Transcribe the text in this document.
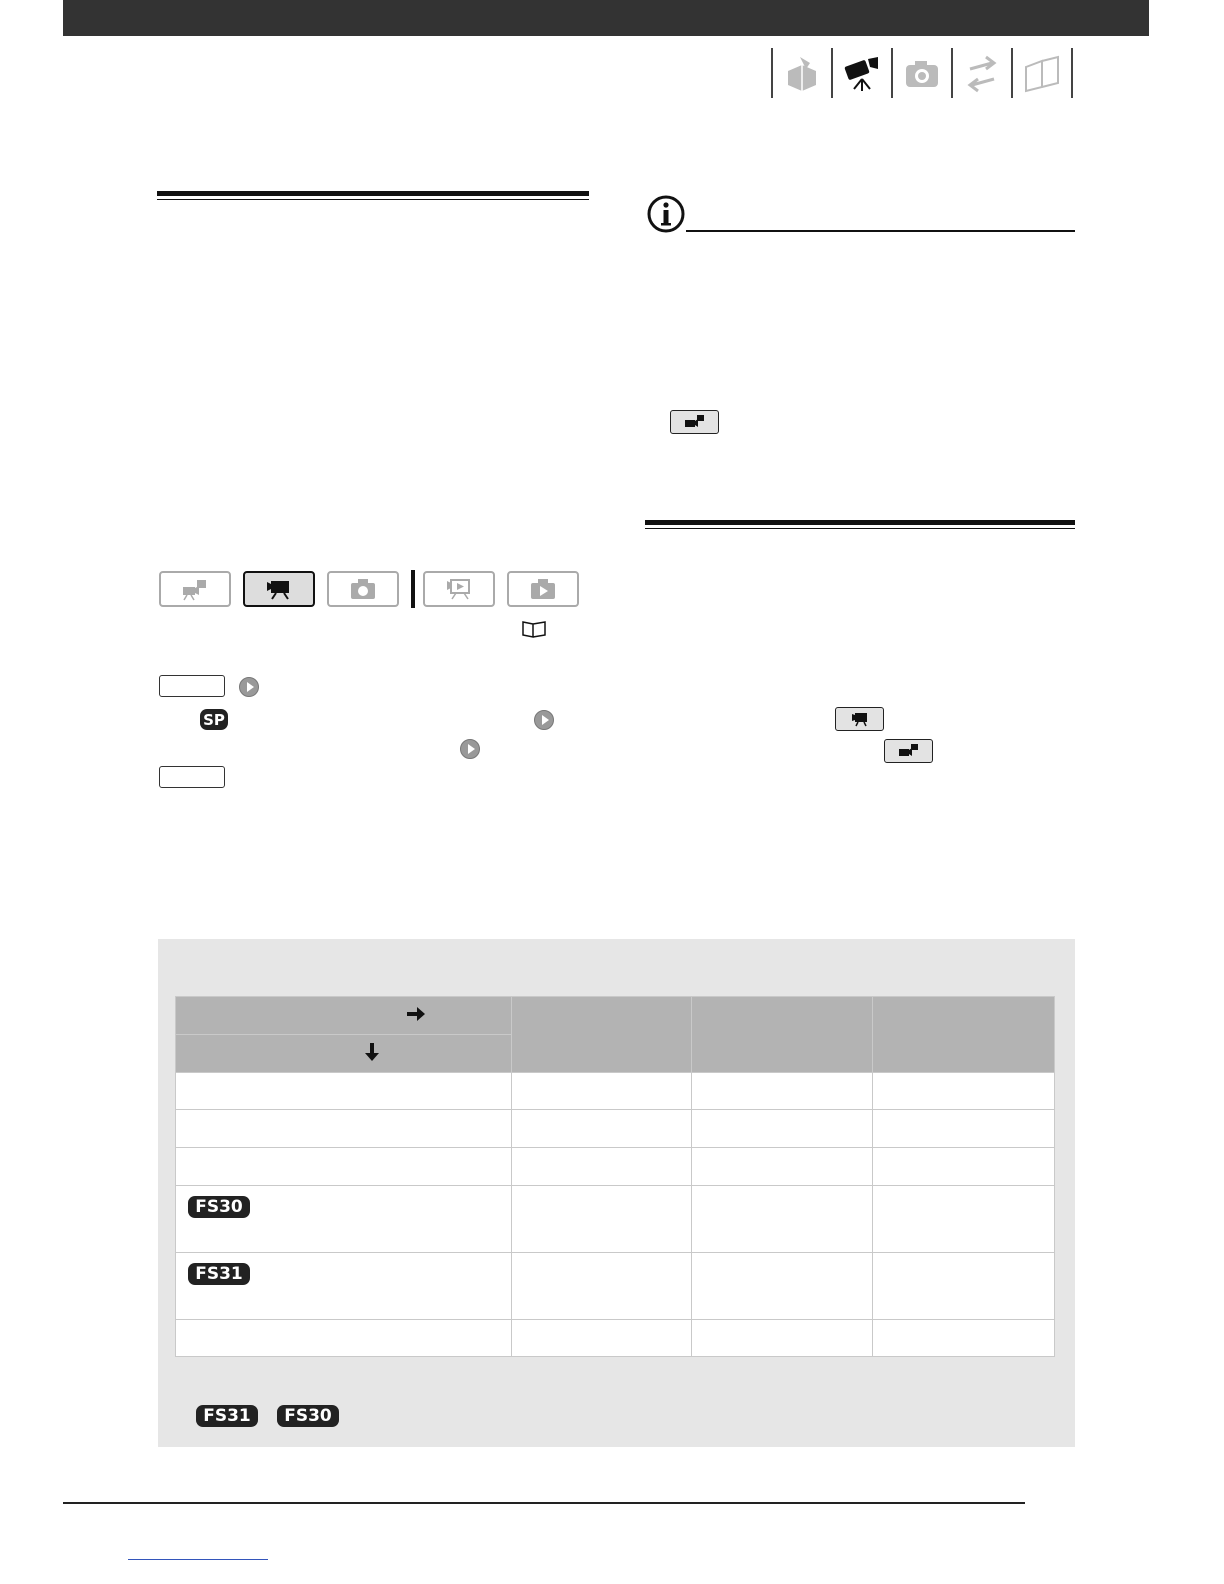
SP

FS30			
FS31			

FS31	FS30
